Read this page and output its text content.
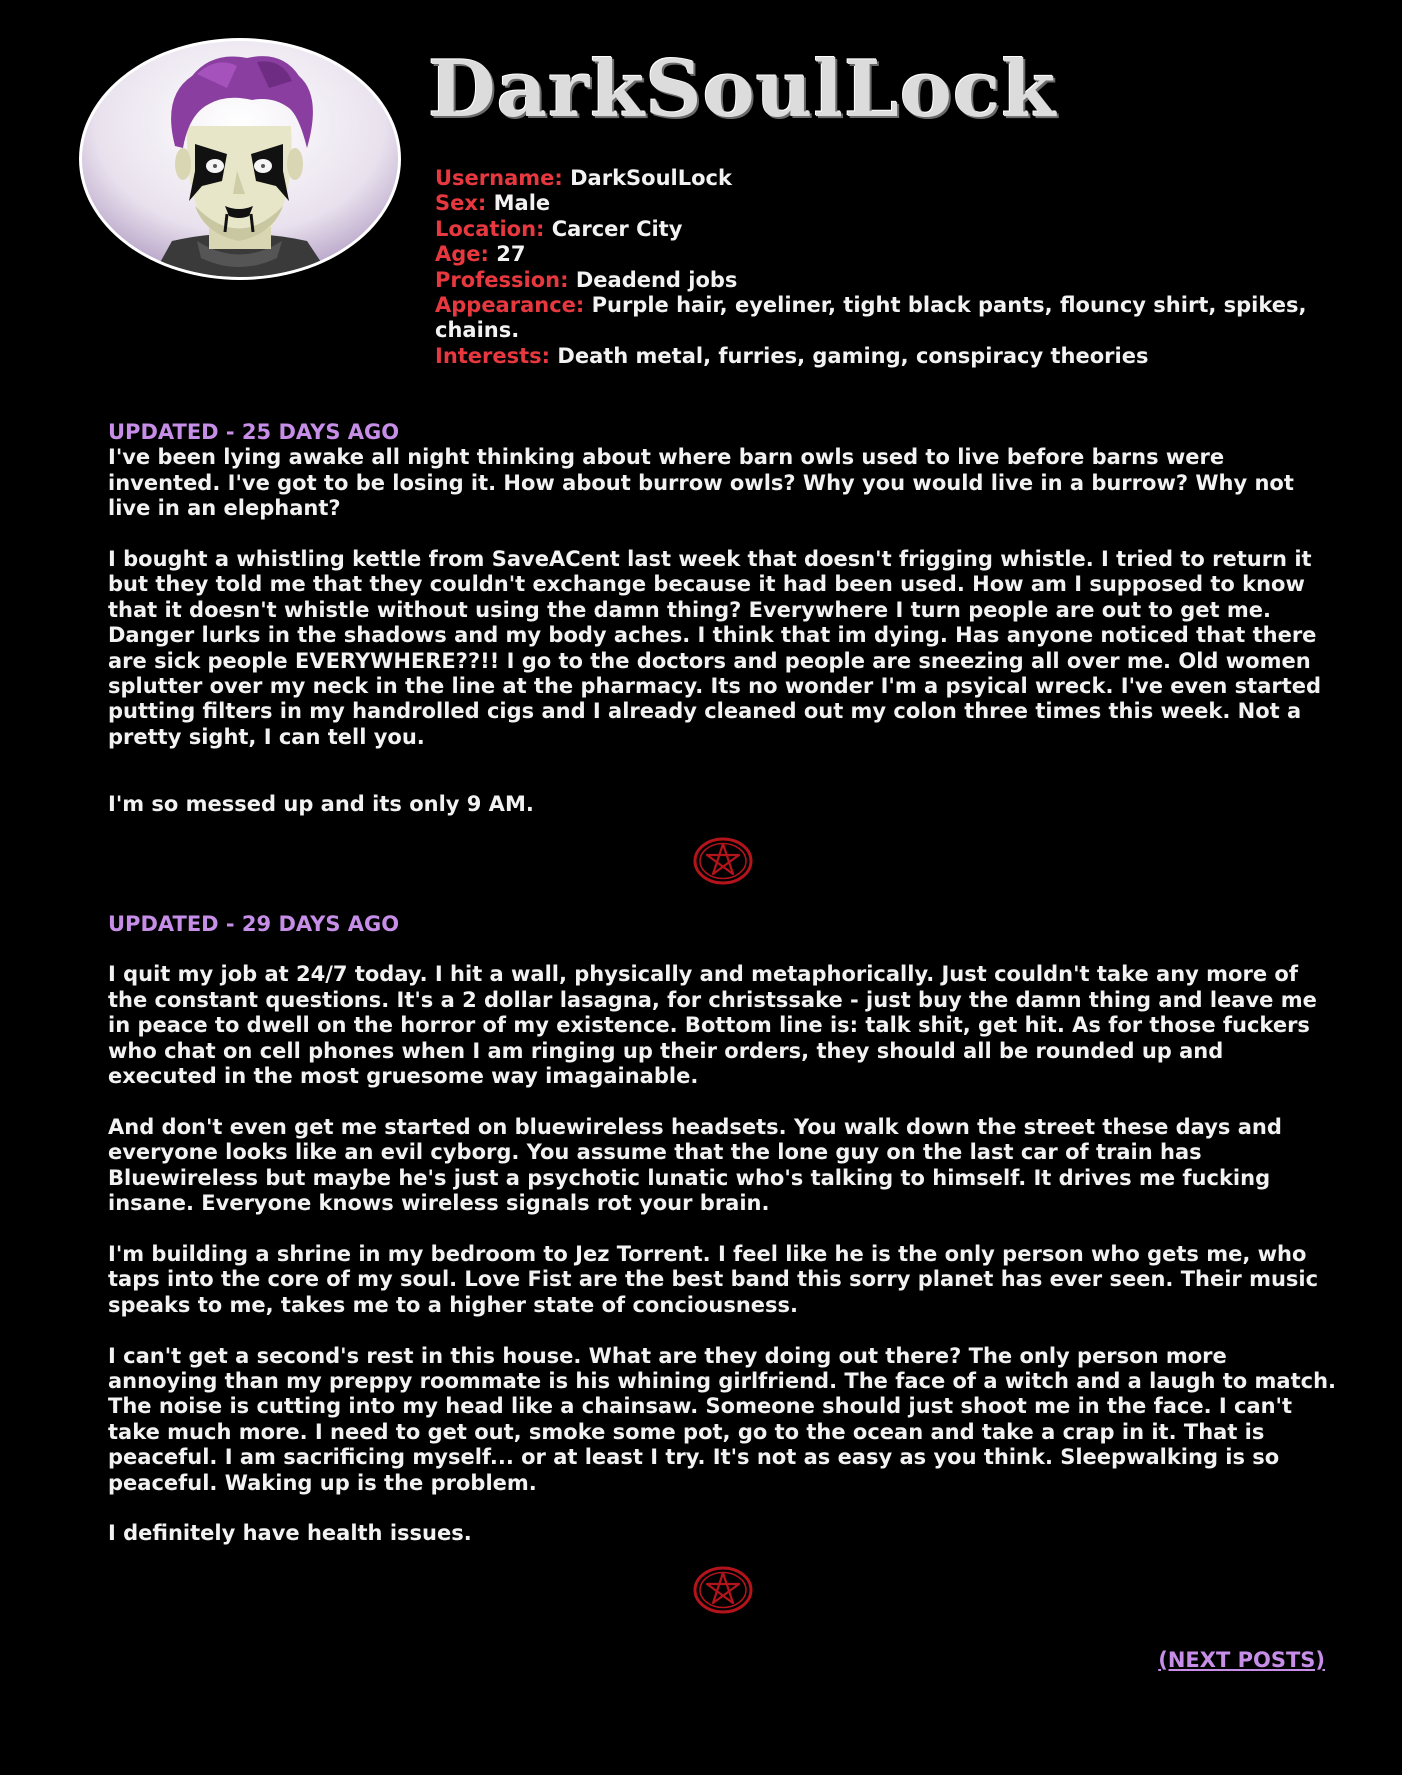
DarkSoulLock

Username: DarkSoulLock

Sex: Male

Location: Carcer City

Age: 27

Profession: Deadend jobs

Appearance: Purple hair, eyeliner, tight black pants, flouncy shirt, spikes, chains.

Interests: Death metal, furries, gaming, conspiracy theories

UPDATED - 25 DAYS AGO

I've been lying awake all night thinking about where barn owls used to live before barns were invented. I've got to be losing it. How about burrow owls? Why you would live in a burrow? Why not live in an elephant?

I bought a whistling kettle from SaveACent last week that doesn't frigging whistle. I tried to return it but they told me that they couldn't exchange because it had been used. How am I supposed to know that it doesn't whistle without using the damn thing? Everywhere I turn people are out to get me. Danger lurks in the shadows and my body aches. I think that im dying. Has anyone noticed that there are sick people EVERYWHERE??!! I go to the doctors and people are sneezing all over me. Old women splutter over my neck in the line at the pharmacy. Its no wonder I'm a psyical wreck. I've even started putting filters in my handrolled cigs and I already cleaned out my colon three times this week. Not a pretty sight, I can tell you.

I'm so messed up and its only 9 AM.

UPDATED - 29 DAYS AGO

I quit my job at 24/7 today. I hit a wall, physically and metaphorically. Just couldn't take any more of the constant questions. It's a 2 dollar lasagna, for christssake - just buy the damn thing and leave me in peace to dwell on the horror of my existence. Bottom line is: talk shit, get hit. As for those fuckers who chat on cell phones when I am ringing up their orders, they should all be rounded up and executed in the most gruesome way imagainable.

And don't even get me started on bluewireless headsets. You walk down the street these days and everyone looks like an evil cyborg. You assume that the lone guy on the last car of train has Bluewireless but maybe he's just a psychotic lunatic who's talking to himself. It drives me fucking insane. Everyone knows wireless signals rot your brain.

I'm building a shrine in my bedroom to Jez Torrent. I feel like he is the only person who gets me, who taps into the core of my soul. Love Fist are the best band this sorry planet has ever seen. Their music speaks to me, takes me to a higher state of conciousness.

I can't get a second's rest in this house. What are they doing out there? The only person more annoying than my preppy roommate is his whining girlfriend. The face of a witch and a laugh to match. The noise is cutting into my head like a chainsaw. Someone should just shoot me in the face. I can't take much more. I need to get out, smoke some pot, go to the ocean and take a crap in it. That is peaceful. I am sacrificing myself... or at least I try. It's not as easy as you think. Sleepwalking is so peaceful. Waking up is the problem.

I definitely have health issues.

(NEXT POSTS)
